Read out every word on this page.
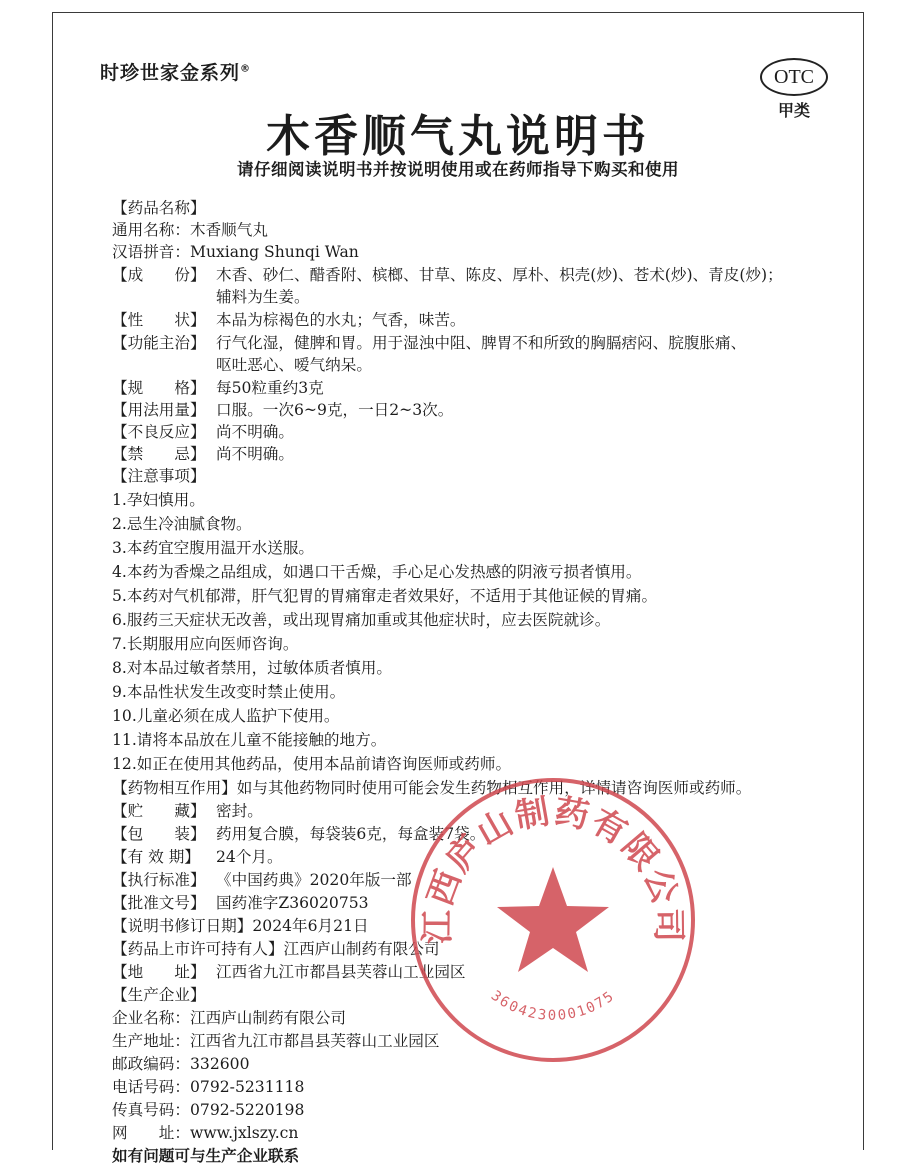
时珍世家金系列®	OTC
甲类
木香顺气丸说明书
请仔细阅读说明书并按说明使用或在药师指导下购买和使用
【药品名称】
通用名称：木香顺气丸
汉语拼音：Muxiang Shunqi Wan
【成　　份】 木香、砂仁、醋香附、槟榔、甘草、陈皮、厚朴、枳壳(炒)、苍术(炒)、青皮(炒)；
辅料为生姜。
【性　　状】 本品为棕褐色的水丸；气香，味苦。
【功能主治】 行气化湿，健脾和胃。用于湿浊中阻、脾胃不和所致的胸膈痞闷、脘腹胀痛、
呕吐恶心、嗳气纳呆。
【规　　格】 每50粒重约3克
【用法用量】 口服。一次6~9克，一日2~3次。
【不良反应】 尚不明确。
【禁　　忌】 尚不明确。
【注意事项】
1.孕妇慎用。
2.忌生冷油腻食物。
3.本药宜空腹用温开水送服。
4.本药为香燥之品组成，如遇口干舌燥，手心足心发热感的阴液亏损者慎用。
5.本药对气机郁滞，肝气犯胃的胃痛窜走者效果好，不适用于其他证候的胃痛。
6.服药三天症状无改善，或出现胃痛加重或其他症状时，应去医院就诊。
7.长期服用应向医师咨询。
8.对本品过敏者禁用，过敏体质者慎用。
9.本品性状发生改变时禁止使用。
10.儿童必须在成人监护下使用。
11.请将本品放在儿童不能接触的地方。
12.如正在使用其他药品，使用本品前请咨询医师或药师。
【药物相互作用】如与其他药物同时使用可能会发生药物相互作用，详情请咨询医师或药师。
【贮　　藏】 密封。
【包　　装】 药用复合膜，每袋装6克，每盒装7袋。
【有 效 期】 24个月。
【执行标准】 《中国药典》2020年版一部
【批准文号】 国药准字Z36020753
【说明书修订日期】2024年6月21日
【药品上市许可持有人】江西庐山制药有限公司
【地　　址】 江西省九江市都昌县芙蓉山工业园区
【生产企业】
企业名称：江西庐山制药有限公司
生产地址：江西省九江市都昌县芙蓉山工业园区
邮政编码：332600
电话号码：0792-5231118
传真号码：0792-5220198
网　　址：www.jxlszy.cn
如有问题可与生产企业联系
江西庐山制药有限公司
3604230001075
